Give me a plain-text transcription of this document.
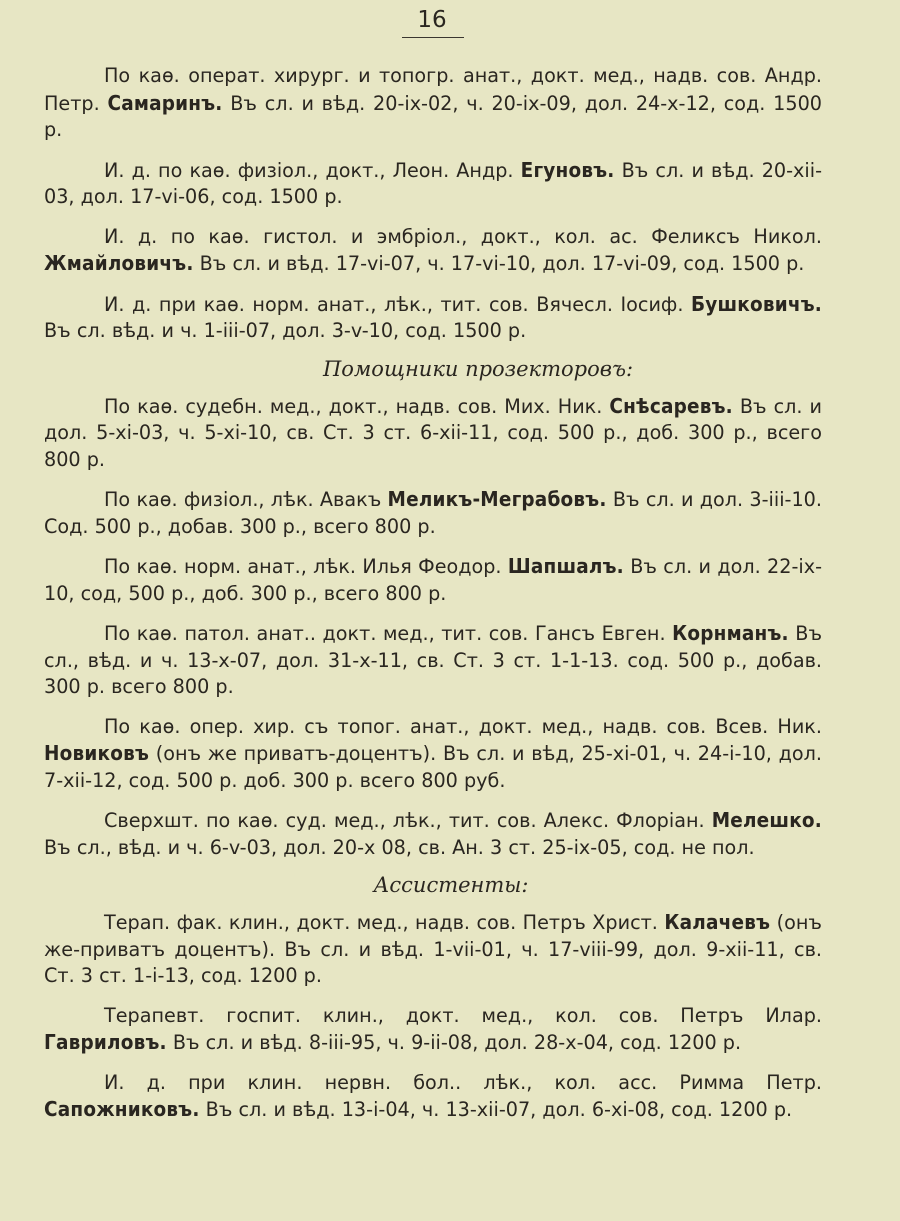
16

По каѳ. операт. хирург. и топогр. анат., докт. мед., надв. сов. Андр. Петр. Самаринъ. Въ сл. и вѣд. 20-ix-02, ч. 20-ix-09, дол. 24-x-12, сод. 1500 р.

И. д. по каѳ. физіол., докт., Леон. Андр. Егуновъ. Въ сл. и вѣд. 20-xii-03, дол. 17-vi-06, сод. 1500 р.

И. д. по каѳ. гистол. и эмбріол., докт., кол. ас. Феликсъ Никол. Жмайловичъ. Въ сл. и вѣд. 17-vi-07, ч. 17-vi-10, дол. 17-vi-09, сод. 1500 р.

И. д. при каѳ. норм. анат., лѣк., тит. сов. Вячесл. Іосиф. Бушковичъ. Въ сл. вѣд. и ч. 1-iii-07, дол. 3-v-10, сод. 1500 р.

Помощники прозекторовъ:

По каѳ. судебн. мед., докт., надв. сов. Мих. Ник. Снѣсаревъ. Въ сл. и дол. 5-xi-03, ч. 5-xi-10, св. Ст. 3 ст. 6-xii-11, сод. 500 р., доб. 300 р., всего 800 р.

По каѳ. физіол., лѣк. Авакъ Меликъ-Меграбовъ. Въ сл. и дол. 3-iii-10. Сод. 500 р., добав. 300 р., всего 800 р.

По каѳ. норм. анат., лѣк. Илья Феодор. Шапшалъ. Въ сл. и дол. 22-ix-10, сод, 500 р., доб. 300 р., всего 800 р.

По каѳ. патол. анат.. докт. мед., тит. сов. Гансъ Евген. Корнманъ. Въ сл., вѣд. и ч. 13-x-07, дол. 31-x-11, св. Ст. 3 ст. 1-1-13. сод. 500 р., добав. 300 р. всего 800 р.

По каѳ. опер. хир. съ топог. анат., докт. мед., надв. сов. Всев. Ник. Новиковъ (онъ же приватъ-доцентъ). Въ сл. и вѣд, 25-xi-01, ч. 24-i-10, дол. 7-xii-12, сод. 500 р. доб. 300 р. всего 800 руб.

Сверхшт. по каѳ. суд. мед., лѣк., тит. сов. Алекс. Флоріан. Мелешко. Въ сл., вѣд. и ч. 6-v-03, дол. 20-x 08, св. Ан. 3 ст. 25-ix-05, сод. не пол.

Ассистенты:

Терап. фак. клин., докт. мед., надв. сов. Петръ Христ. Калачевъ (онъ же-приватъ доцентъ). Въ сл. и вѣд. 1-vii-01, ч. 17-viii-99, дол. 9-xii-11, св. Ст. 3 ст. 1-i-13, сод. 1200 р.

Терапевт. госпит. клин., докт. мед., кол. сов. Петръ Илар. Гавриловъ. Въ сл. и вѣд. 8-iii-95, ч. 9-ii-08, дол. 28-x-04, сод. 1200 р.

И. д. при клин. нервн. бол.. лѣк., кол. асс. Римма Петр. Сапожниковъ. Въ сл. и вѣд. 13-i-04, ч. 13-xii-07, дол. 6-xi-08, сод. 1200 р.
